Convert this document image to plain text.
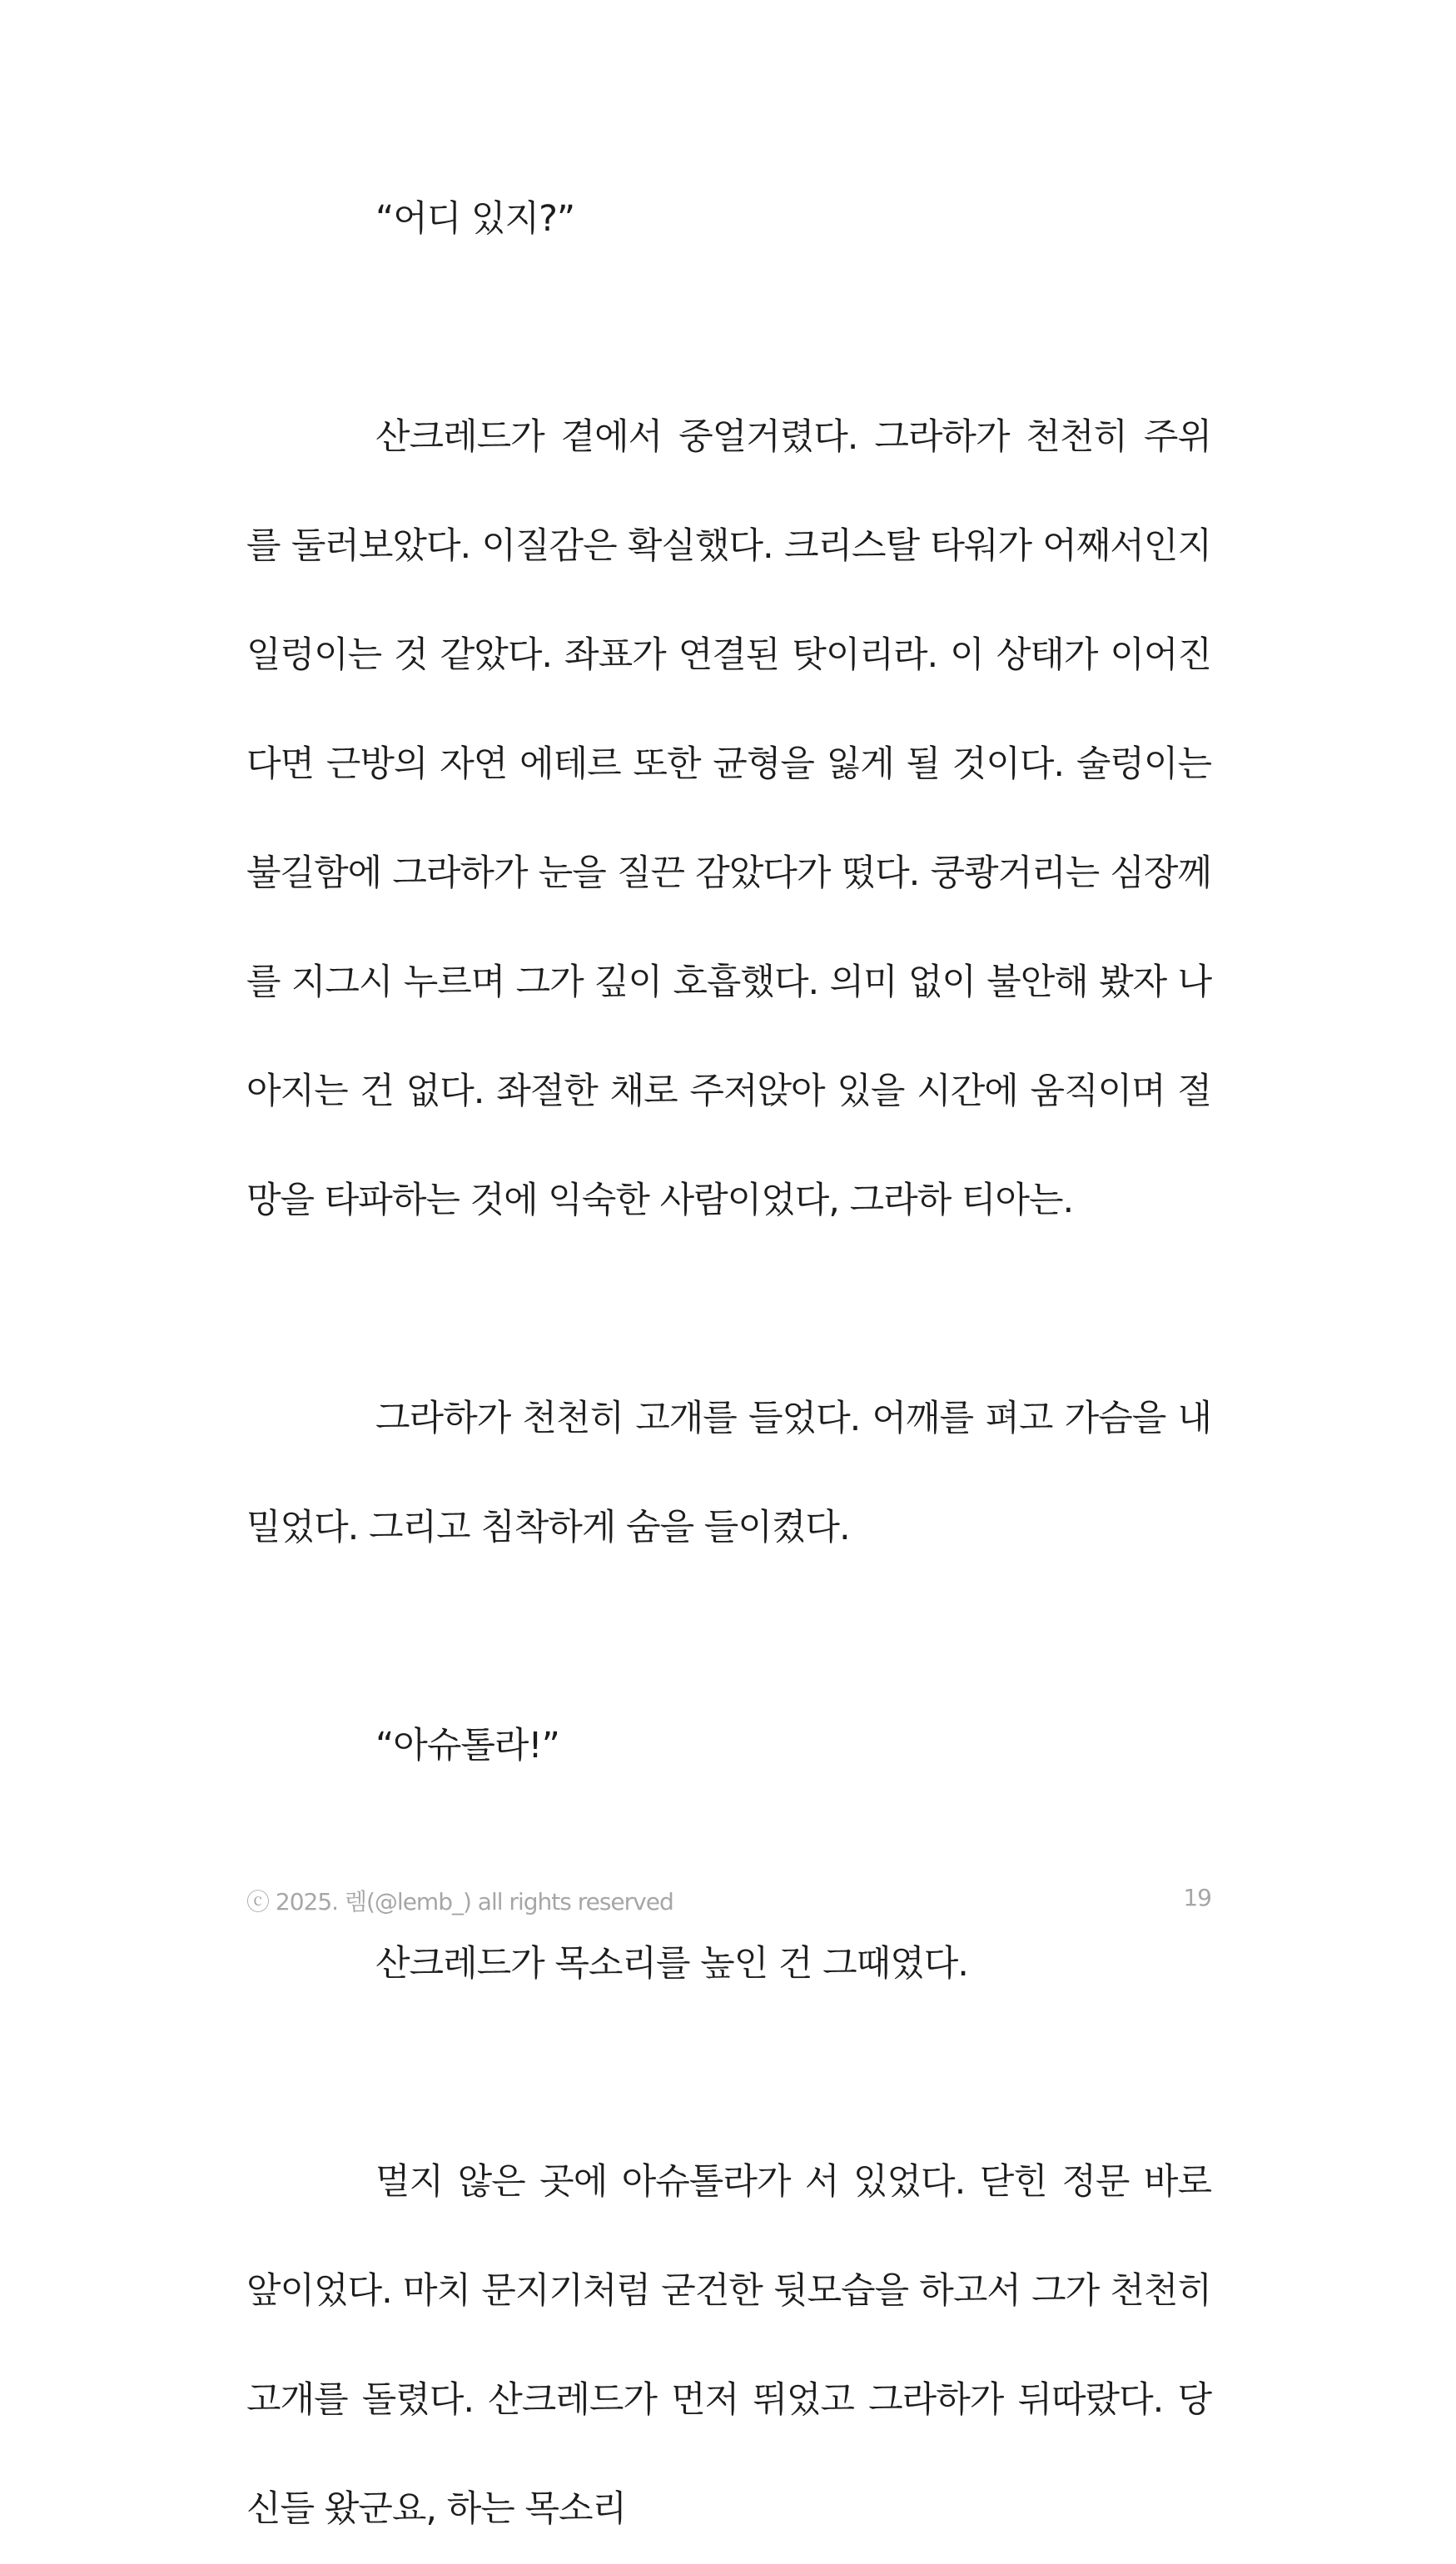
“어디 있지?”

산크레드가 곁에서 중얼거렸다. 그라하가 천천히 주위를 둘러보았다. 이질감은 확실했다. 크리스탈 타워가 어째서인지 일렁이는 것 같았다. 좌표가 연결된 탓이리라. 이 상태가 이어진다면 근방의 자연 에테르 또한 균형을 잃게 될 것이다. 술렁이는 불길함에 그라하가 눈을 질끈 감았다가 떴다. 쿵쾅거리는 심장께를 지그시 누르며 그가 깊이 호흡했다. 의미 없이 불안해 봤자 나아지는 건 없다. 좌절한 채로 주저앉아 있을 시간에 움직이며 절망을 타파하는 것에 익숙한 사람이었다, 그라하 티아는.

그라하가 천천히 고개를 들었다. 어깨를 펴고 가슴을 내밀었다. 그리고 침착하게 숨을 들이켰다.

“아슈톨라!”

산크레드가 목소리를 높인 건 그때였다.

멀지 않은 곳에 아슈톨라가 서 있었다. 닫힌 정문 바로 앞이었다. 마치 문지기처럼 굳건한 뒷모습을 하고서 그가 천천히 고개를 돌렸다. 산크레드가 먼저 뛰었고 그라하가 뒤따랐다. 당신들 왔군요, 하는 목소리

ⓒ 2025. 렘(@lemb_) all rights reserved	19
